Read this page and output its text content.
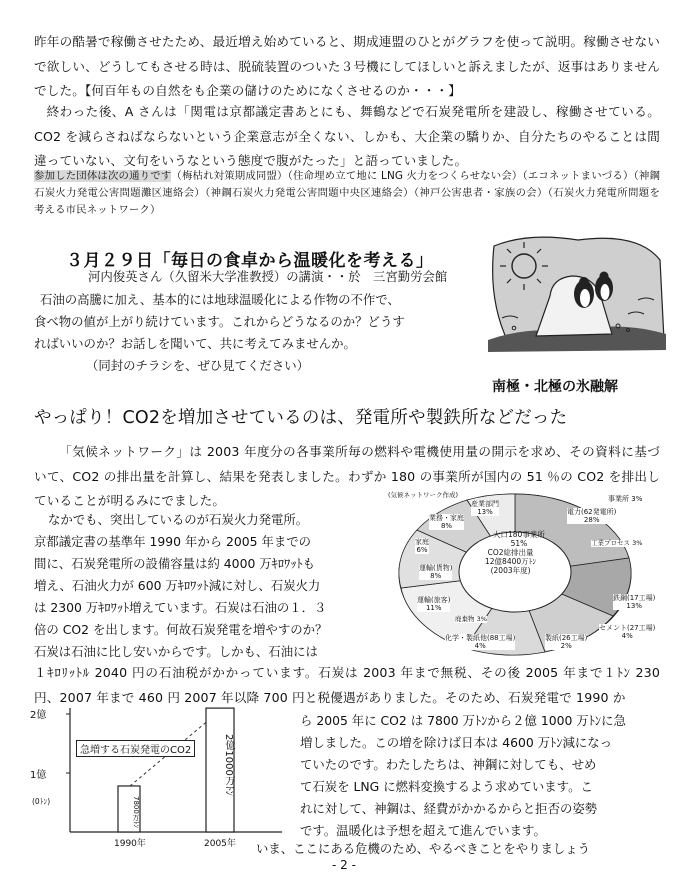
昨年の酷暑で稼働させたため、最近増え始めていると、期成連盟のひとがグラフを使って説明。稼働させないで欲しい、どうしてもさせる時は、脱硫装置のついた３号機にしてほしいと訴えましたが、返事はありませんでした。【何百年もの自然をも企業の儲けのためになくさせるのか・・・】
終わった後、A さんは「関電は京都議定書あとにも、舞鶴などで石炭発電所を建設し、稼働させている。CO2 を減らさねばならないという企業意志が全くない、しかも、大企業の驕りか、自分たちのやることは間違っていない、文句をいうなという態度で腹がたった」と語っていました。
参加した団体は次の通りです（梅枯れ対策期成同盟）（住命埋め立て地に LNG 火力をつくらせない会）（エコネットまいづる）（神鋼石炭火力発電公害問題灘区連絡会）（神鋼石炭火力発電公害問題中央区連絡会）（神戸公害患者・家族の会）（石炭火力発電所問題を考える市民ネットワーク）
３月２９日「毎日の食卓から温暖化を考える」
河内俊英さん（久留米大学准教授）の講演・・於　三宮勤労会館
石油の高騰に加え、基本的には地球温暖化による作物の不作で、
食べ物の値が上がり続けています。これからどうなるのか？どうす
ればいいのか？お話しを聞いて、共に考えてみませんか。
（同封のチラシを、ぜひ見てください）
南極・北極の氷融解
やっぱり！CO2を増加させているのは、発電所や製鉄所などだった
「気候ネットワーク」は 2003 年度分の各事業所毎の燃料や電機使用量の開示を求め、その資料に基づいて、CO2 の排出量を計算し、結果を発表しました。わずか 180 の事業所が国内の 51 ％の CO2 を排出していることが明るみにでました。
なかでも、突出しているのが石炭火力発電所。
京都議定書の基準年 1990 年から 2005 年までの
間に、石炭発電所の設備容量は約 4000 万ｷﾛﾜｯﾄも
増え、石油火力が 600 万ｷﾛﾜｯﾄ減に対し、石炭火力
は 2300 万ｷﾛﾜｯﾄ増えています。石炭は石油の１．３
倍の CO2 を出します。何故石炭発電を増やすのか？
石炭は石油に比し安いからです。しかも、石油には
CO2総排出量
12億8400万ﾄﾝ
(2003年度)
大口180事業所
51%
事業所 3%
電力(62発電所)
28%
鉄鋼(17工場)
13%
セメント(27工場)
4%
製紙(26工場)
2%
化学・製紙他(88工場)
4%
運輸(旅客)
11%
運輸(貨物)
8%
家庭
6%
業務・家庭
8%
産業部門
13%
工業プロセス 3%
廃棄物 3%
(気候ネットワーク作成)
１ｷﾛﾘｯﾄﾙ 2040 円の石油税がかかっています。石炭は 2003 年まで無税、その後 2005 年まで１ﾄﾝ 230 円、2007 年まで 460 円 2007 年以降 700 円と税優遇がありました。そのため、石炭発電で 1990 か
ら 2005 年に CO2 は 7800 万ﾄﾝから２億 1000 万ﾄﾝに急
増しました。この増を除けば日本は 4600 万ﾄﾝ減になっ
ていたのです。わたしたちは、神鋼に対しても、せめ
て石炭を LNG に燃料変換するよう求めています。こ
れに対して、神鋼は、経費がかかるからと拒否の姿勢
です。温暖化は予想を超えて進んでいます。
いま、ここにある危機のため、やるべきことをやりましょう
2億
1億
(0ﾄﾝ)
急増する石炭発電のCO2
7800万ﾄﾝ
2億1000万ﾄﾝ
1990年	2005年
- 2 -
